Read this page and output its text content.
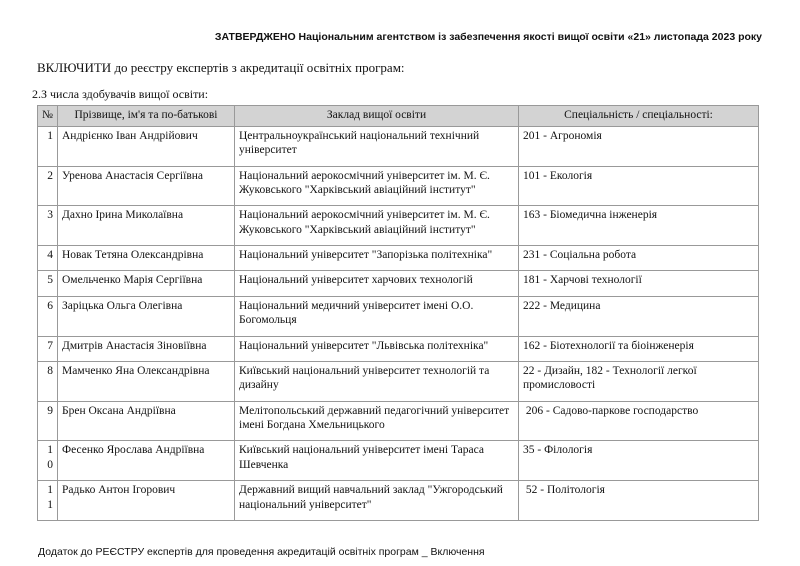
ЗАТВЕРДЖЕНО Національним агентством із забезпечення якості вищої освіти «21» листопада 2023 року
ВКЛЮЧИТИ до реєстру експертів з акредитації освітніх програм:
2.З числа здобувачів вищої освіти:
№	Прізвище, ім'я та по-батькові	Заклад вищої освіти	Спеціальність / спеціальності:
1	Андрієнко Іван Андрійович	Центральноукраїнський національний технічний університет	201 - Агрономія
2	Уренова Анастасія Сергіївна	Національний аерокосмічний університет ім. М. Є. Жуковського "Харківський авіаційний інститут"	101 - Екологія
3	Дахно Ірина Миколаївна	Національний аерокосмічний університет ім. М. Є. Жуковського "Харківський авіаційний інститут"	163 - Біомедична інженерія
4	Новак Тетяна Олександрівна	Національний університет "Запорізька політехніка"	231 - Соціальна робота
5	Омельченко Марія Сергіївна	Національний університет харчових технологій	181 - Харчові технології
6	Заріцька Ольга Олегівна	Національний медичний університет імені О.О. Богомольця	222 - Медицина
7	Дмитрів Анастасія Зіновіївна	Національний університет "Львівська політехніка"	162 - Біотехнології та біоінженерія
8	Мамченко Яна Олександрівна	Київський національний університет технологій та дизайну	22 - Дизайн, 182 - Технології легкої промисловості
9	Брен Оксана Андріївна	Мелітопольський державний педагогічний університет імені Богдана Хмельницького	206 - Садово-паркове господарство
10	Фесенко Ярослава Андріївна	Київський національний університет імені Тараса Шевченка	35 - Філологія
11	Радько Антон Ігорович	Державний вищий навчальний заклад "Ужгородський національний університет"	52 - Політологія
Додаток до РЕЄСТРУ експертів для проведення акредитацій освітніх програм _ Включення
